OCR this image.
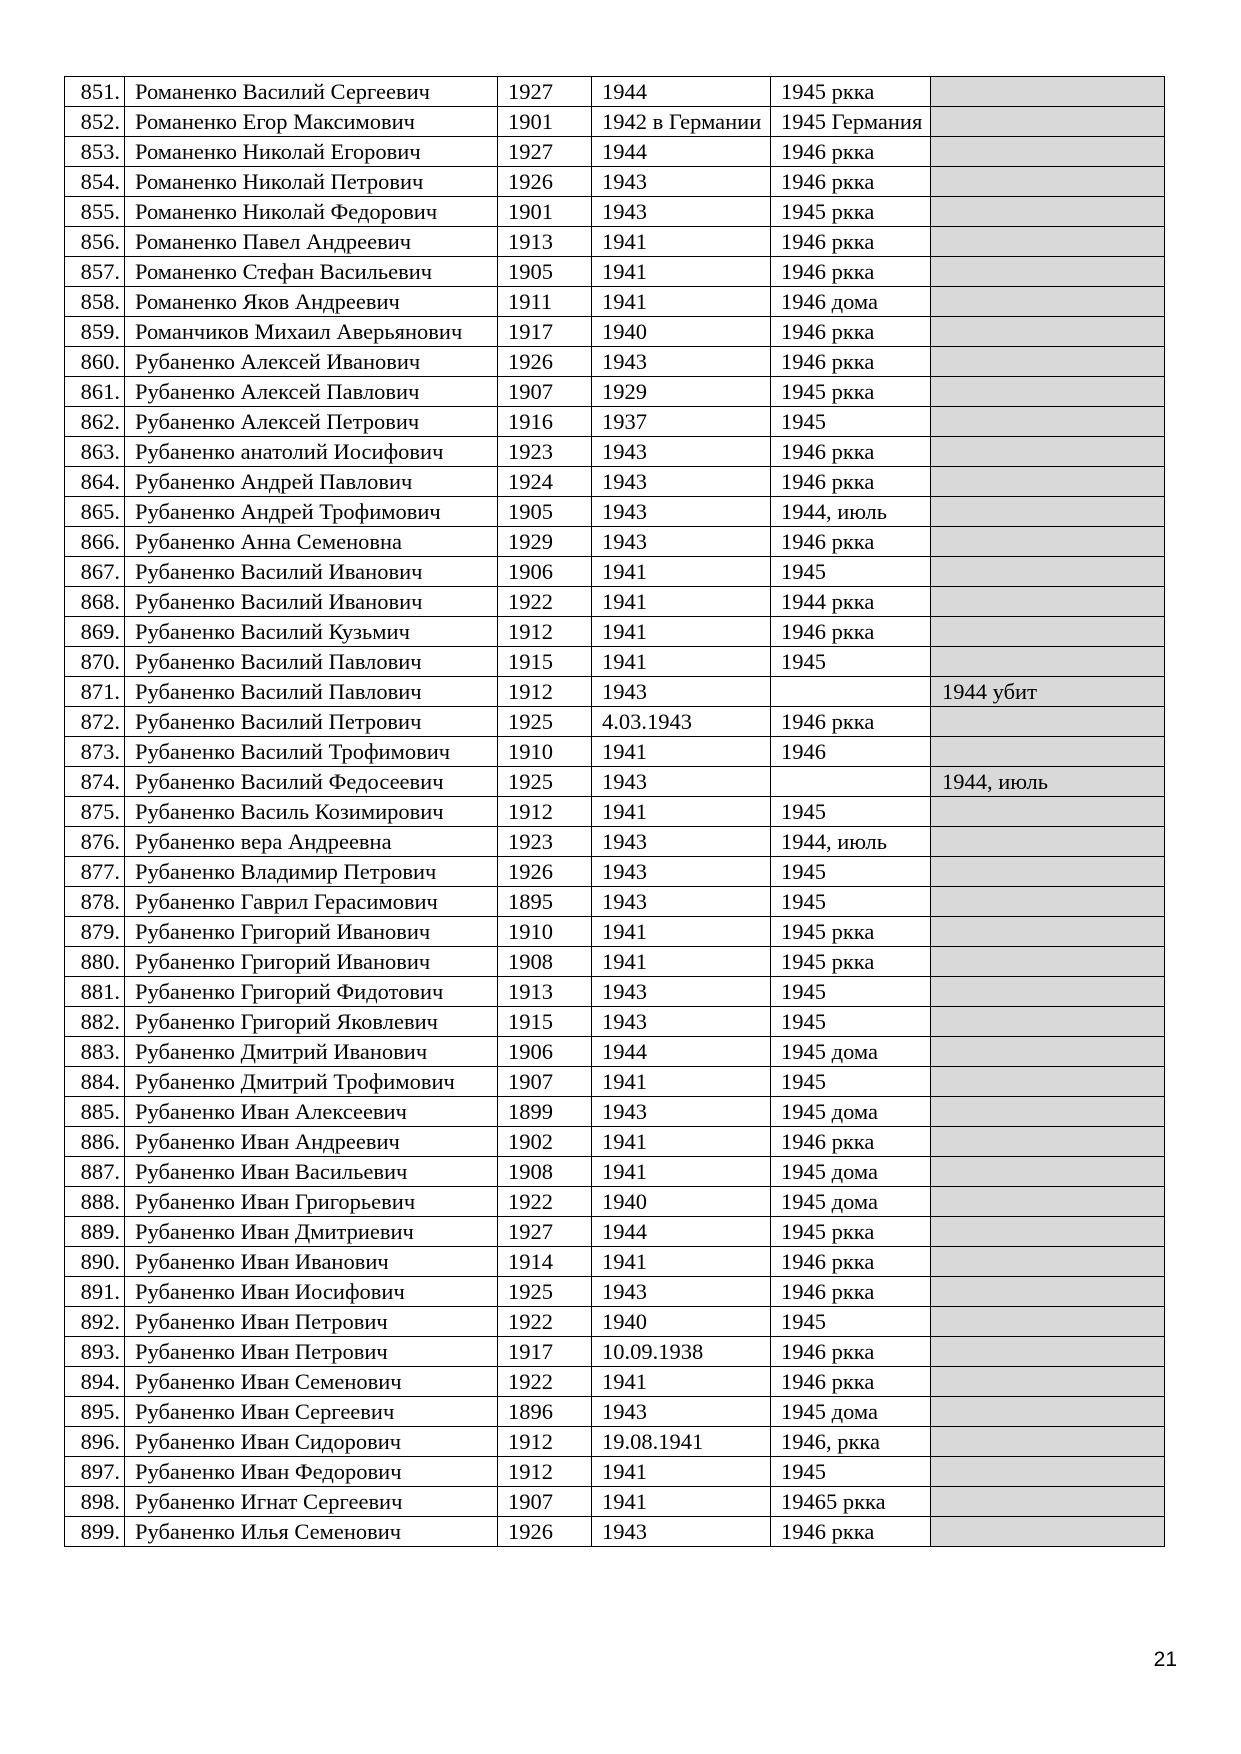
851.	Романенко Василий Сергеевич	1927	1944	1945 ркка	
852.	Романенко Егор Максимович	1901	1942 в Германии	1945 Германия	
853.	Романенко Николай Егорович	1927	1944	1946 ркка	
854.	Романенко Николай Петрович	1926	1943	1946 ркка	
855.	Романенко Николай Федорович	1901	1943	1945 ркка	
856.	Романенко Павел Андреевич	1913	1941	1946 ркка	
857.	Романенко Стефан Васильевич	1905	1941	1946 ркка	
858.	Романенко Яков Андреевич	1911	1941	1946 дома	
859.	Романчиков Михаил Аверьянович	1917	1940	1946 ркка	
860.	Рубаненко Алексей Иванович	1926	1943	1946 ркка	
861.	Рубаненко Алексей Павлович	1907	1929	1945 ркка	
862.	Рубаненко Алексей Петрович	1916	1937	1945	
863.	Рубаненко анатолий Иосифович	1923	1943	1946 ркка	
864.	Рубаненко Андрей Павлович	1924	1943	1946 ркка	
865.	Рубаненко Андрей Трофимович	1905	1943	1944, июль	
866.	Рубаненко Анна Семеновна	1929	1943	1946 ркка	
867.	Рубаненко Василий Иванович	1906	1941	1945	
868.	Рубаненко Василий Иванович	1922	1941	1944 ркка	
869.	Рубаненко Василий Кузьмич	1912	1941	1946 ркка	
870.	Рубаненко Василий Павлович	1915	1941	1945	
871.	Рубаненко Василий Павлович	1912	1943		1944 убит
872.	Рубаненко Василий Петрович	1925	4.03.1943	1946 ркка	
873.	Рубаненко Василий Трофимович	1910	1941	1946	
874.	Рубаненко Василий Федосеевич	1925	1943		1944, июль
875.	Рубаненко Василь Козимирович	1912	1941	1945	
876.	Рубаненко вера Андреевна	1923	1943	1944, июль	
877.	Рубаненко Владимир Петрович	1926	1943	1945	
878.	Рубаненко Гаврил Герасимович	1895	1943	1945	
879.	Рубаненко Григорий Иванович	1910	1941	1945 ркка	
880.	Рубаненко Григорий Иванович	1908	1941	1945 ркка	
881.	Рубаненко Григорий Фидотович	1913	1943	1945	
882.	Рубаненко Григорий Яковлевич	1915	1943	1945	
883.	Рубаненко Дмитрий Иванович	1906	1944	1945 дома	
884.	Рубаненко Дмитрий Трофимович	1907	1941	1945	
885.	Рубаненко Иван Алексеевич	1899	1943	1945 дома	
886.	Рубаненко Иван Андреевич	1902	1941	1946 ркка	
887.	Рубаненко Иван Васильевич	1908	1941	1945 дома	
888.	Рубаненко Иван Григорьевич	1922	1940	1945 дома	
889.	Рубаненко Иван Дмитриевич	1927	1944	1945 ркка	
890.	Рубаненко Иван Иванович	1914	1941	1946 ркка	
891.	Рубаненко Иван Иосифович	1925	1943	1946 ркка	
892.	Рубаненко Иван Петрович	1922	1940	1945	
893.	Рубаненко Иван Петрович	1917	10.09.1938	1946 ркка	
894.	Рубаненко Иван Семенович	1922	1941	1946 ркка	
895.	Рубаненко Иван Сергеевич	1896	1943	1945 дома	
896.	Рубаненко Иван Сидорович	1912	19.08.1941	1946, ркка	
897.	Рубаненко Иван Федорович	1912	1941	1945	
898.	Рубаненко Игнат Сергеевич	1907	1941	19465 ркка	
899.	Рубаненко Илья Семенович	1926	1943	1946 ркка	
21
